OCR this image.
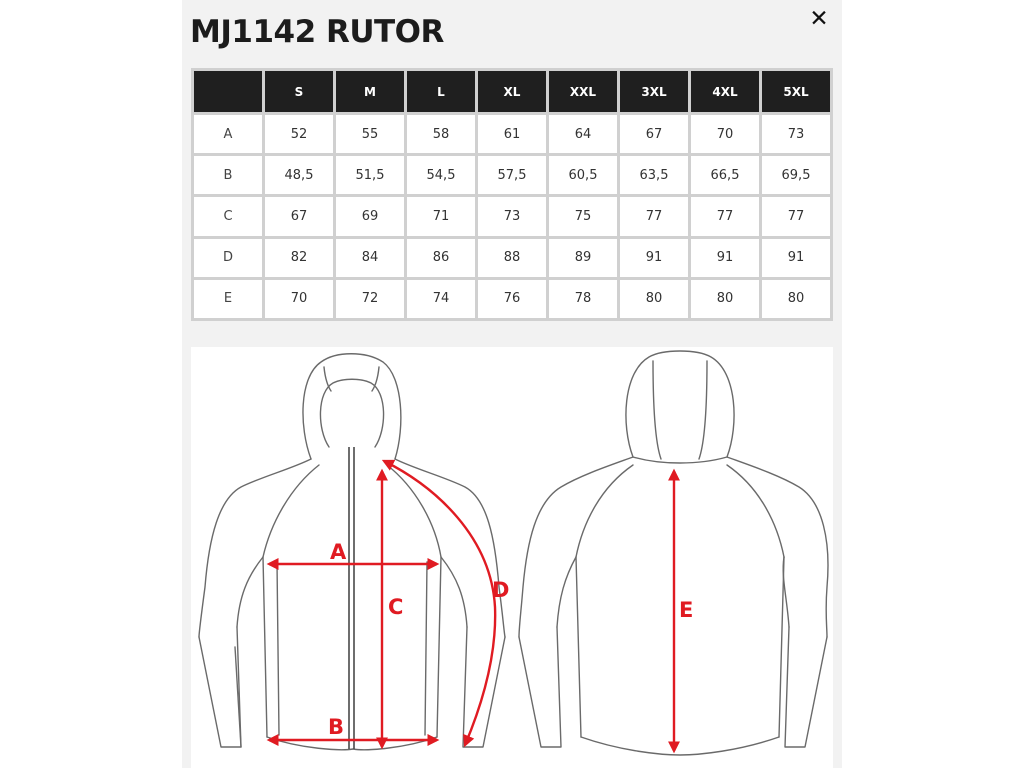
MJ1142 RUTOR	✕
	S	M	L	XL	XXL	3XL	4XL	5XL
A	52	55	58	61	64	67	70	73
B	48,5	51,5	54,5	57,5	60,5	63,5	66,5	69,5
C	67	69	71	73	75	77	77	77
D	82	84	86	88	89	91	91	91
E	70	72	74	76	78	80	80	80
A
B
C
D
E
